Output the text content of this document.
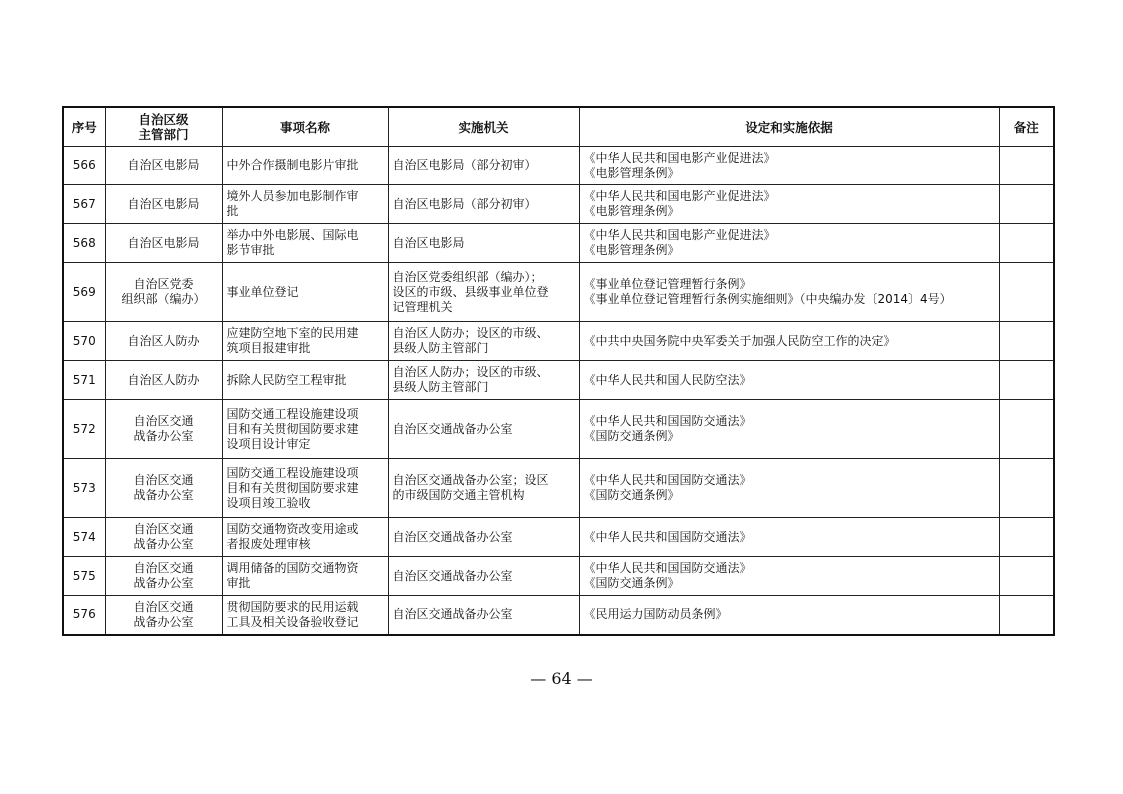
序号	自治区级
主管部门	事项名称	实施机关	设定和实施依据	备注
566	自治区电影局	中外合作摄制电影片审批	自治区电影局（部分初审）	《中华人民共和国电影产业促进法》
《电影管理条例》	

567	自治区电影局	境外人员参加电影制作审
批	自治区电影局（部分初审）	《中华人民共和国电影产业促进法》
《电影管理条例》	

568	自治区电影局	举办中外电影展、国际电
影节审批	自治区电影局	《中华人民共和国电影产业促进法》
《电影管理条例》	

569	自治区党委
组织部（编办）	事业单位登记	自治区党委组织部（编办）；
设区的市级、县级事业单位登
记管理机关	《事业单位登记管理暂行条例》
《事业单位登记管理暂行条例实施细则》（中央编办发〔2014〕4号）	

570	自治区人防办	应建防空地下室的民用建
筑项目报建审批	自治区人防办；设区的市级、
县级人防主管部门	《中共中央国务院中央军委关于加强人民防空工作的决定》	

571	自治区人防办	拆除人民防空工程审批	自治区人防办；设区的市级、
县级人防主管部门	《中华人民共和国人民防空法》	

572	自治区交通
战备办公室	国防交通工程设施建设项
目和有关贯彻国防要求建
设项目设计审定	自治区交通战备办公室	《中华人民共和国国防交通法》
《国防交通条例》	

573	自治区交通
战备办公室	国防交通工程设施建设项
目和有关贯彻国防要求建
设项目竣工验收	自治区交通战备办公室；设区
的市级国防交通主管机构	《中华人民共和国国防交通法》
《国防交通条例》	

574	自治区交通
战备办公室	国防交通物资改变用途或
者报废处理审核	自治区交通战备办公室	《中华人民共和国国防交通法》	

575	自治区交通
战备办公室	调用储备的国防交通物资
审批	自治区交通战备办公室	《中华人民共和国国防交通法》
《国防交通条例》	

576	自治区交通
战备办公室	贯彻国防要求的民用运载
工具及相关设备验收登记	自治区交通战备办公室	《民用运力国防动员条例》	

— 64 —
